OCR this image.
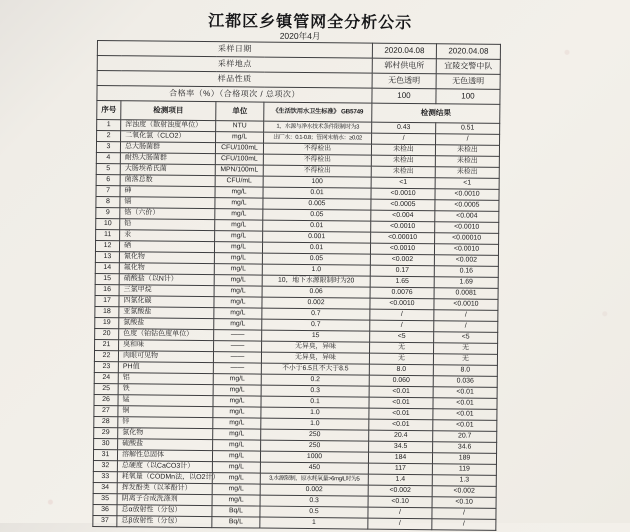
江都区乡镇管网全分析公示
2020年4月
采样日期				2020.04.08	2020.04.08
采样地点				郭村供电所	宜陵交警中队
样品性质				无色透明	无色透明
合格率（%）（合格项次 / 总项次）				100	100
序号	检测项目	单位	《生活饮用水卫生标准》 GB5749	检测结果	
1	浑浊度（散射浊度单位）	NTU	1，水源与净水技术条件限制时为3	0.43	0.51
2	二氧化氯（CLO2）	mg/L	出厂水：0.1-0.8；管网末梢水：≥0.02	/	/
3	总大肠菌群	CFU/100mL	不得检出	未检出	未检出
4	耐热大肠菌群	CFU/100mL	不得检出	未检出	未检出
5	大肠埃希氏菌	MPN/100mL	不得检出	未检出	未检出
6	菌落总数	CFU/mL	100	<1	<1
7	砷	mg/L	0.01	<0.0010	<0.0010
8	镉	mg/L	0.005	<0.0005	<0.0005
9	铬（六价）	mg/L	0.05	<0.004	<0.004
10	铅	mg/L	0.01	<0.0010	<0.0010
11	汞	mg/L	0.001	<0.00010	<0.00010
12	硒	mg/L	0.01	<0.0010	<0.0010
13	氰化物	mg/L	0.05	<0.002	<0.002
14	氟化物	mg/L	1.0	0.17	0.16
15	硝酸盐（以N计）	mg/L	10，地下水源限制时为20	1.65	1.69
16	三氯甲烷	mg/L	0.06	0.0076	0.0081
17	四氯化碳	mg/L	0.002	<0.0010	<0.0010
18	亚氯酸盐	mg/L	0.7	/	/
19	氯酸盐	mg/L	0.7	/	/
20	色度（铂钴色度单位）	——	15	<5	<5
21	臭和味	——	无异臭，异味	无	无
22	肉眼可见物	——	无异臭，异味	无	无
23	PH值	——	不小于6.5且不大于8.5	8.0	8.0
24	铝	mg/L	0.2	0.060	0.036
25	铁	mg/L	0.3	<0.01	<0.01
26	锰	mg/L	0.1	<0.01	<0.01
27	铜	mg/L	1.0	<0.01	<0.01
28	锌	mg/L	1.0	<0.01	<0.01
29	氯化物	mg/L	250	20.4	20.7
30	硫酸盐	mg/L	250	34.5	34.6
31	溶解性总固体	mg/L	1000	184	189
32	总硬度（以CaCO3计）	mg/L	450	117	119
33	耗氧量（CODMn法，以O2计）	mg/L	3,水源限制，原水耗氧量>6mg/L时为5	1.4	1.3
34	挥发酚类（以苯酚计）	mg/L	0.002	<0.002	<0.002
35	阴离子合成洗涤剂	mg/L	0.3	<0.10	<0.10
36	总α放射性（分包）	Bq/L	0.5	/	/
37	总β放射性（分包）	Bq/L	1	/	/
